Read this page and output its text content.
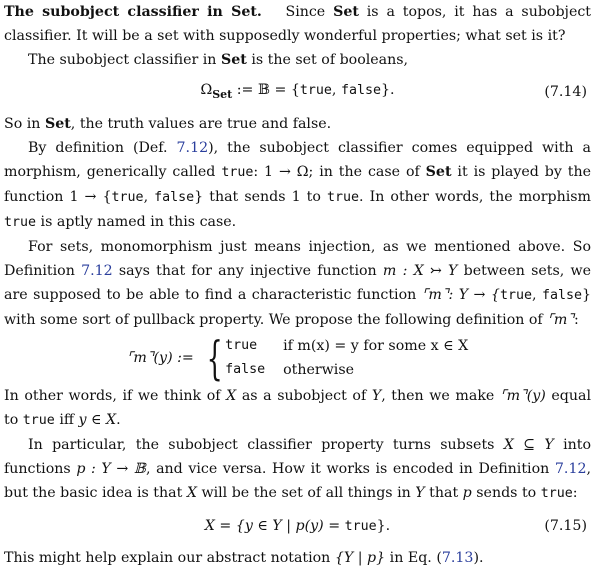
The subobject classifier in Set. Since Set is a topos, it has a subobject classifier. It will be a set with supposedly wonderful properties; what set is it?

The subobject classifier in Set is the set of booleans,

$\Omega_{Set}$ := 𝔹 = {true, false}.	(7.14)

So in Set, the truth values are true and false.

By definition (Def. 7.12), the subobject classifier comes equipped with a morphism, generically called true: 1 → Ω; in the case of Set it is played by the function 1 → {true, false} that sends 1 to true. In other words, the morphism true is aptly named in this case.

For sets, monomorphism just means injection, as we mentioned above. So Definition 7.12 says that for any injective function m : X ↣ Y between sets, we are supposed to be able to find a characteristic function ⌜m⌝: Y → {true, false} with some sort of pullback property. We propose the following definition of ⌜m⌝:

⌜m⌝(y) := { true	if m(x) = y for some x ∈ X
false	otherwise

In other words, if we think of X as a subobject of Y, then we make ⌜m⌝(y) equal to true iff y ∈ X.

In particular, the subobject classifier property turns subsets X ⊆ Y into functions p : Y → 𝔹, and vice versa. How it works is encoded in Definition 7.12, but the basic idea is that X will be the set of all things in Y that p sends to true:

X = {y ∈ Y | p(y) = true}.	(7.15)

This might help explain our abstract notation {Y | p} in Eq. (7.13).
